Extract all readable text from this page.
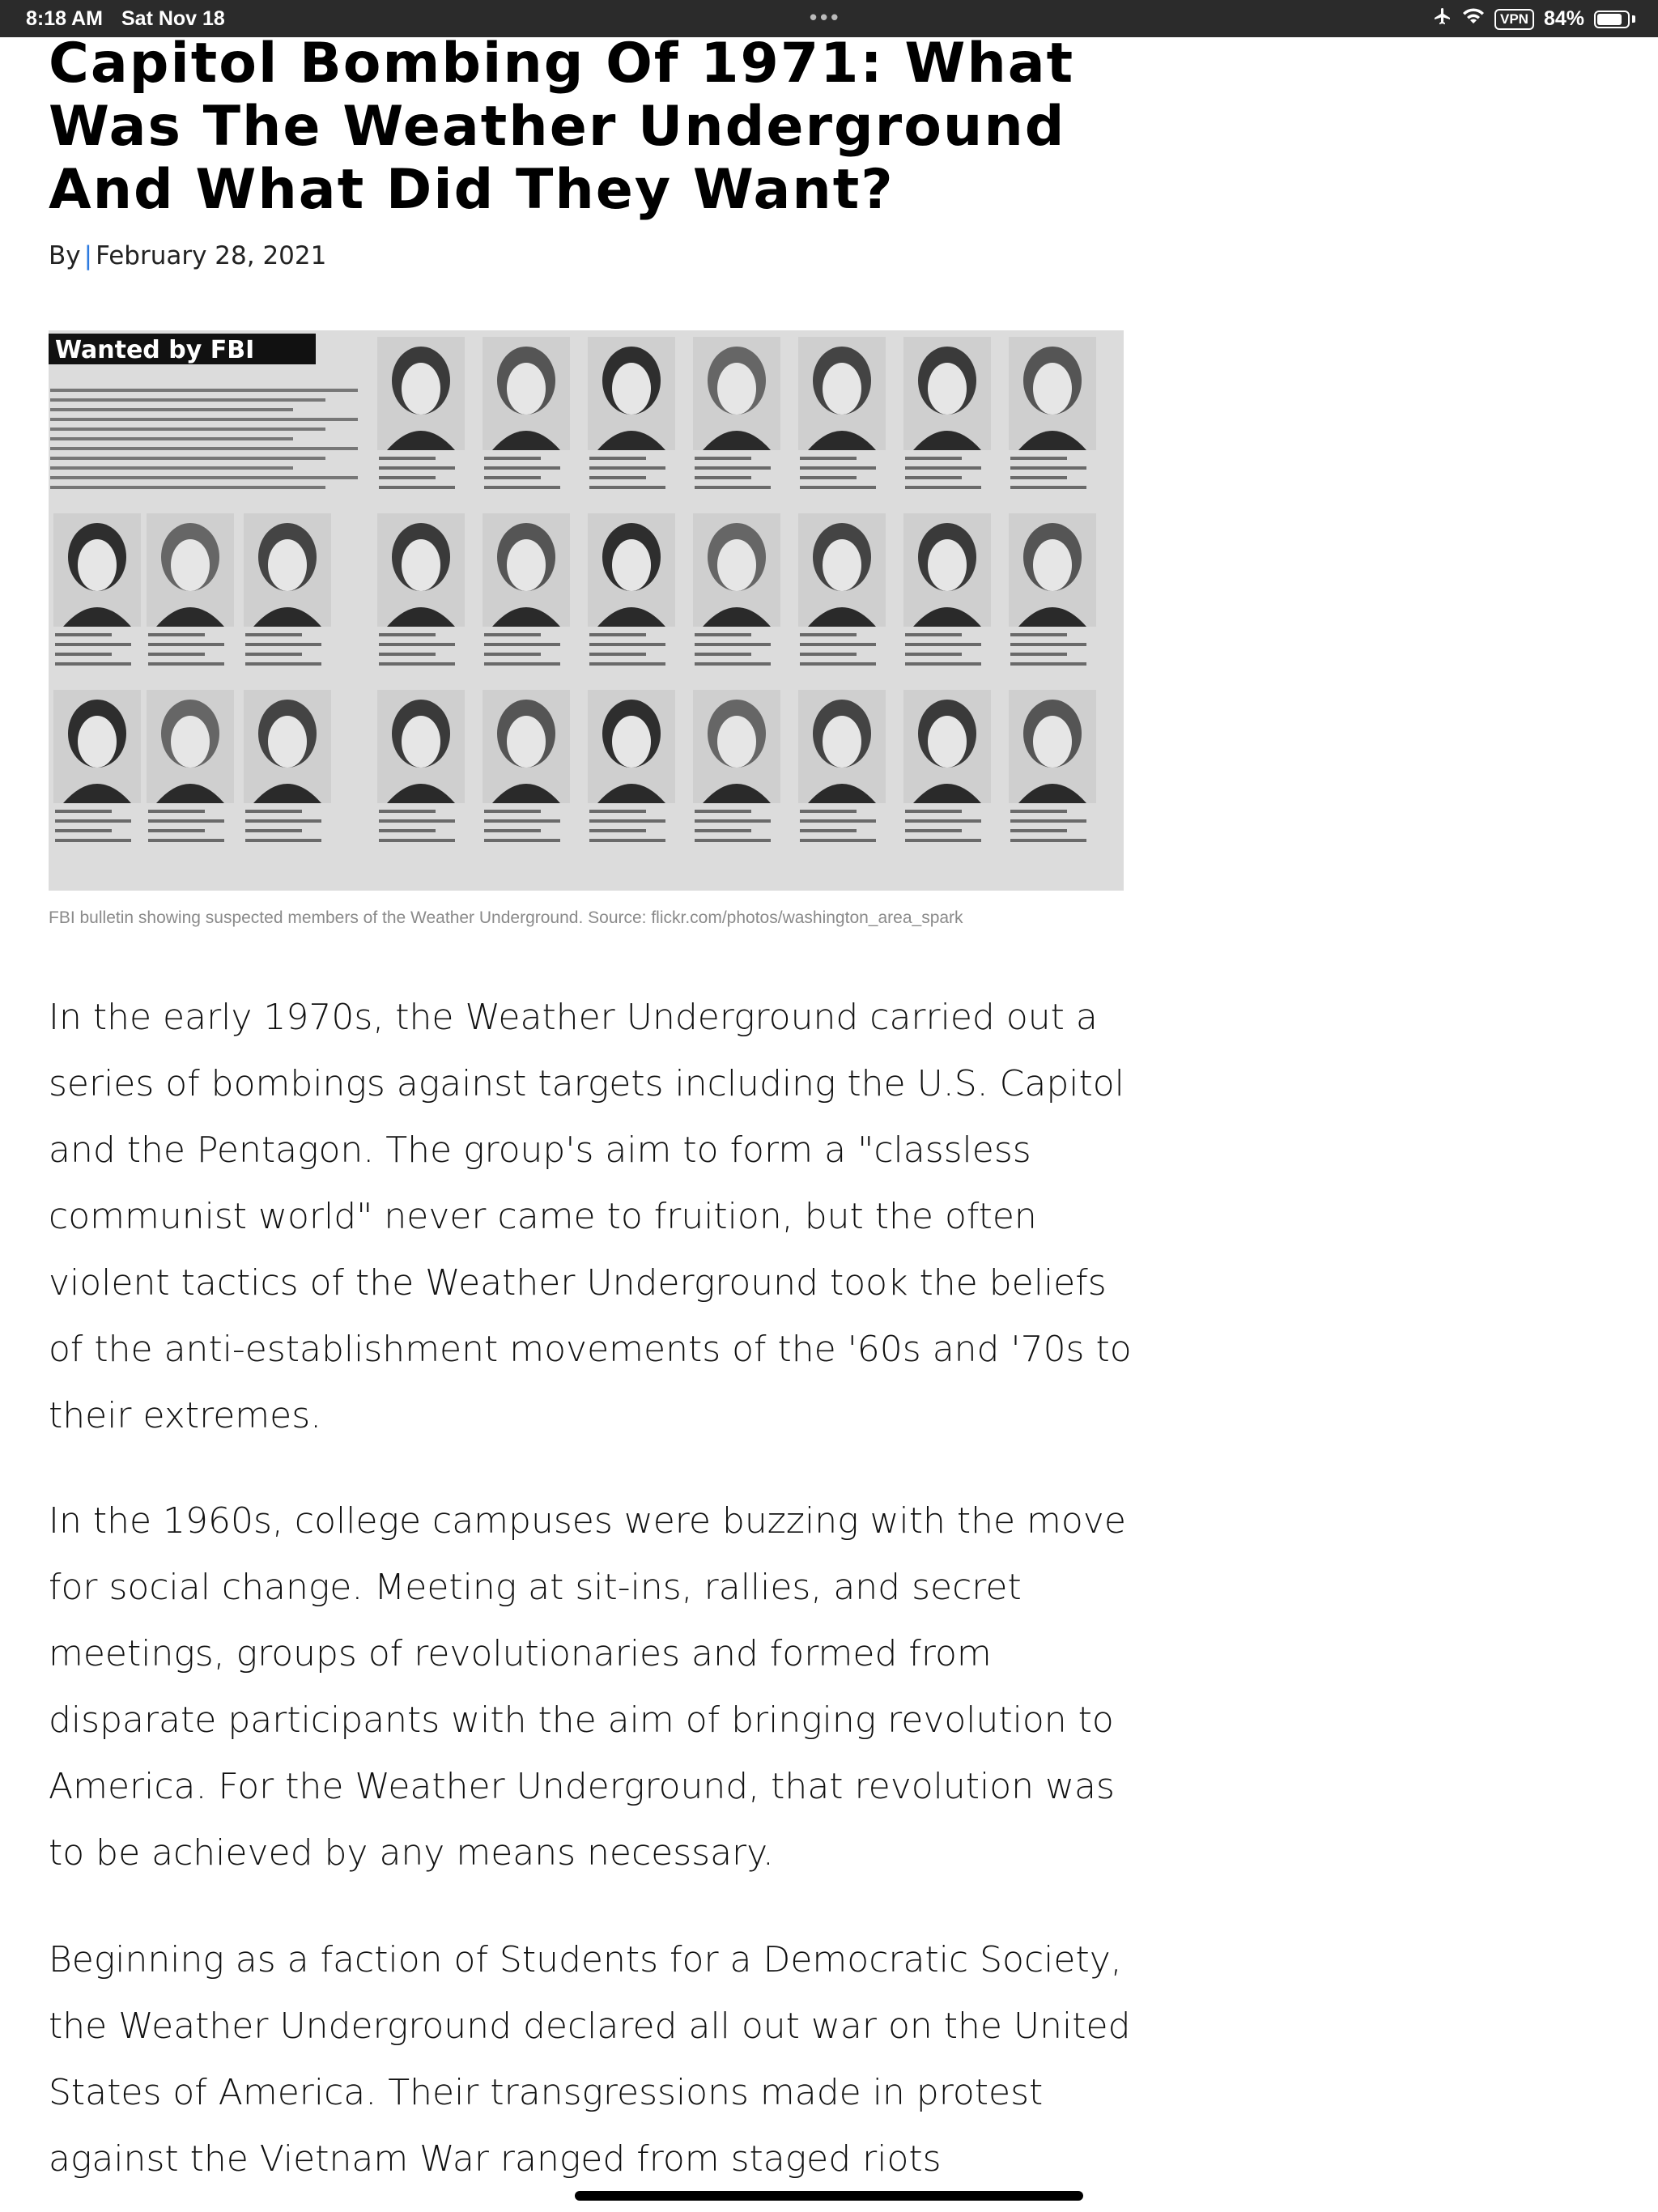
8:18 AM Sat Nov 18	•••	VPN 84%
Capitol Bombing Of 1971: What Was The Weather Underground And What Did They Want?
By | February 28, 2021
Wanted by FBI
FBI bulletin showing suspected members of the Weather Underground. Source: flickr.com/photos/washington_area_spark

In the early 1970s, the Weather Underground carried out a series of bombings against targets including the U.S. Capitol and the Pentagon. The group's aim to form a "classless communist world" never came to fruition, but the often violent tactics of the Weather Underground took the beliefs of the anti-establishment movements of the '60s and '70s to their extremes.

In the 1960s, college campuses were buzzing with the move for social change. Meeting at sit-ins, rallies, and secret meetings, groups of revolutionaries and formed from disparate participants with the aim of bringing revolution to America. For the Weather Underground, that revolution was to be achieved by any means necessary.

Beginning as a faction of Students for a Democratic Society, the Weather Underground declared all out war on the United States of America. Their transgressions made in protest against the Vietnam War ranged from staged riots
